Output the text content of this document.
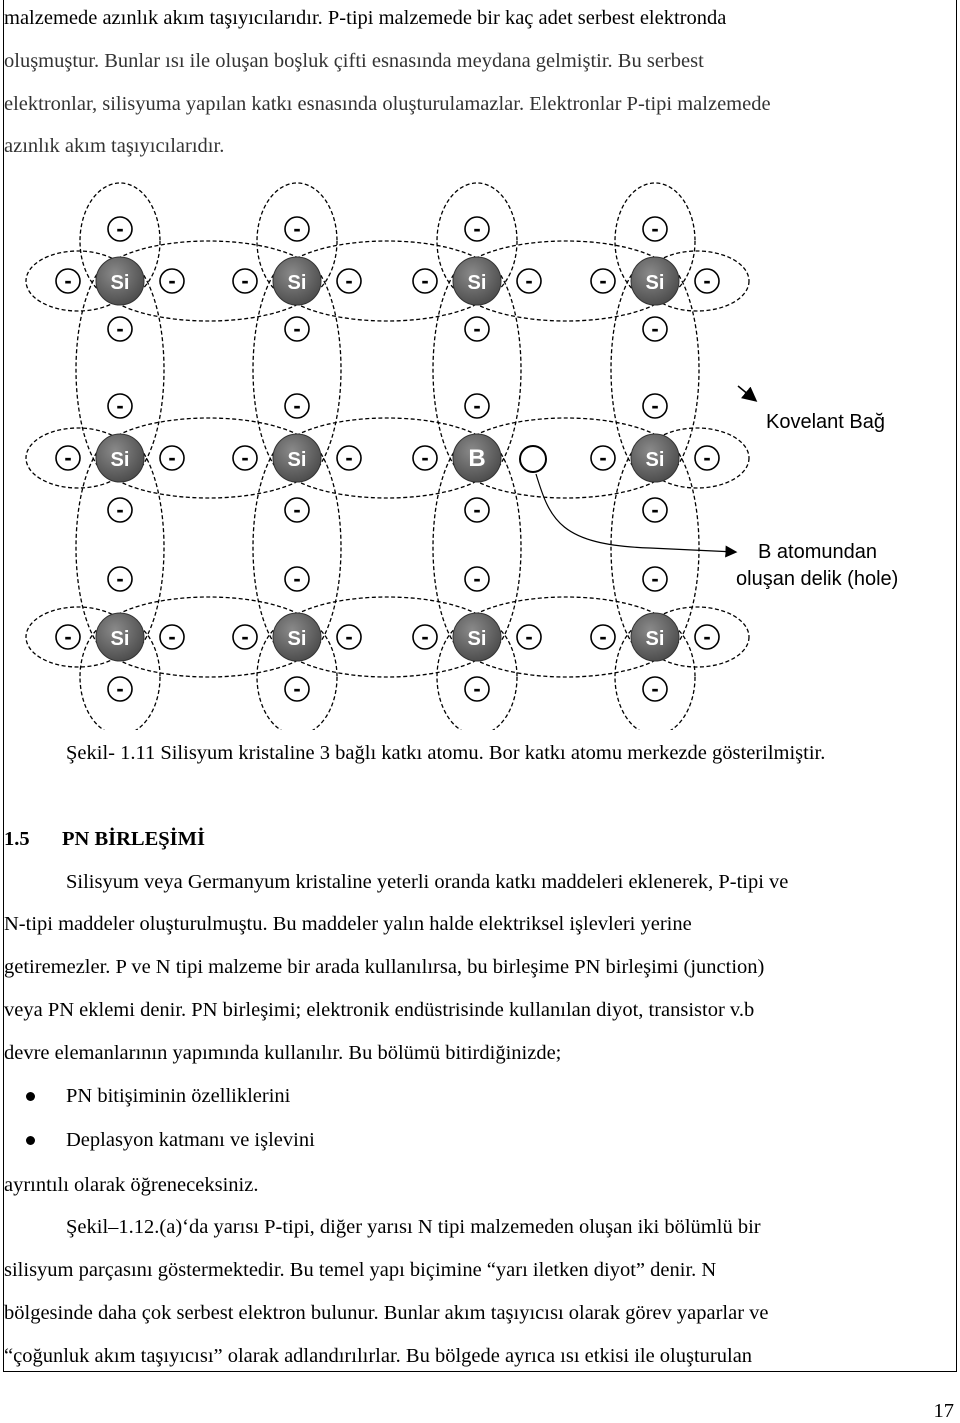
malzemede azınlık akım taşıyıcılarıdır. P-tipi malzemede bir kaç adet serbest elektronda
oluşmuştur. Bunlar ısı ile oluşan boşluk çifti esnasında meydana gelmiştir. Bu serbest
elektronlar, silisyuma yapılan katkı esnasında oluşturulamazlar. Elektronlar P-tipi malzemede
azınlık akım taşıyıcılarıdır.
-	-	-	-	-	-	-	-
-	-	-	-	-	-	-
-	-	-	-	-	-	-	-
-
-
-
-
-
-
-
-
-
-
-
-
-
-
-
-
-
-
-
-
-
-
-
-
Si	Si	Si	Si
Si	Si	B	Si
Si	Si	Si	Si
Kovelant Bağ
B atomundan
oluşan delik (hole)
Şekil- 1.11 Silisyum kristaline 3 bağlı katkı atomu. Bor katkı atomu merkezde gösterilmiştir.
1.5 PN BİRLEŞİMİ
Silisyum veya Germanyum kristaline yeterli oranda katkı maddeleri eklenerek, P-tipi ve
N-tipi maddeler oluşturulmuştu. Bu maddeler yalın halde elektriksel işlevleri yerine
getiremezler. P ve N tipi malzeme bir arada kullanılırsa, bu birleşime PN birleşimi (junction)
veya PN eklemi denir. PN birleşimi; elektronik endüstrisinde kullanılan diyot, transistor v.b
devre elemanlarının yapımında kullanılır. Bu bölümü bitirdiğinizde;
PN bitişiminin özelliklerini
Deplasyon katmanı ve işlevini
ayrıntılı olarak öğreneceksiniz.
Şekil–1.12.(a)‘da yarısı P-tipi, diğer yarısı N tipi malzemeden oluşan iki bölümlü bir
silisyum parçasını göstermektedir. Bu temel yapı biçimine “yarı iletken diyot” denir. N
bölgesinde daha çok serbest elektron bulunur. Bunlar akım taşıyıcısı olarak görev yaparlar ve
“çoğunluk akım taşıyıcısı” olarak adlandırılırlar. Bu bölgede ayrıca ısı etkisi ile oluşturulan
17
